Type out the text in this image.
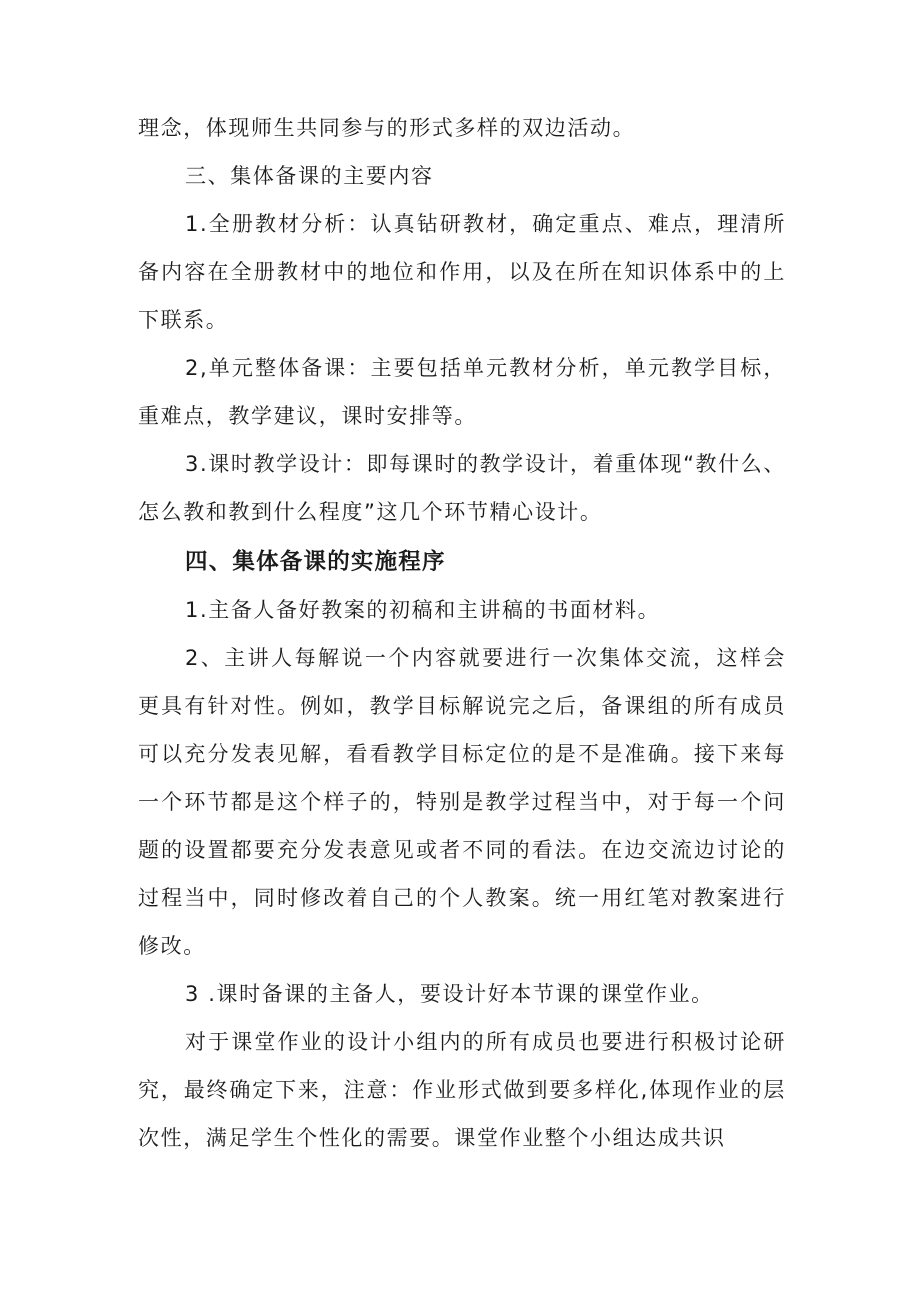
理念，体现师生共同参与的形式多样的双边活动。

三、集体备课的主要内容

1.全册教材分析：认真钻研教材，确定重点、难点，理清所备内容在全册教材中的地位和作用，以及在所在知识体系中的上下联系。

2,单元整体备课：主要包括单元教材分析，单元教学目标，重难点，教学建议，课时安排等。

3.课时教学设计：即每课时的教学设计，着重体现“教什么、怎么教和教到什么程度”这几个环节精心设计。

四、集体备课的实施程序

1.主备人备好教案的初稿和主讲稿的书面材料。

2、主讲人每解说一个内容就要进行一次集体交流，这样会更具有针对性。例如，教学目标解说完之后，备课组的所有成员可以充分发表见解，看看教学目标定位的是不是准确。接下来每一个环节都是这个样子的，特别是教学过程当中，对于每一个问题的设置都要充分发表意见或者不同的看法。在边交流边讨论的过程当中，同时修改着自己的个人教案。统一用红笔对教案进行修改。

3 .课时备课的主备人，要设计好本节课的课堂作业。

对于课堂作业的设计小组内的所有成员也要进行积极讨论研究，最终确定下来，注意：作业形式做到要多样化,体现作业的层次性，满足学生个性化的需要。课堂作业整个小组达成共识
